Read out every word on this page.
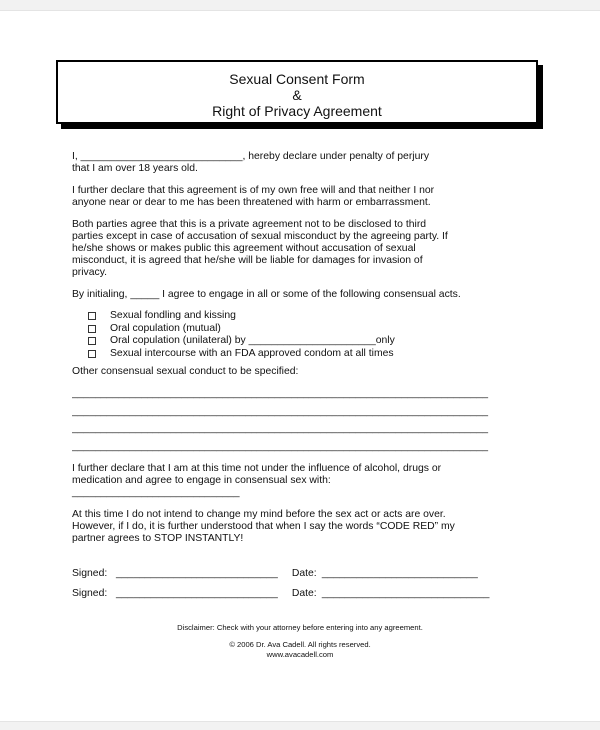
Sexual Consent Form
&
Right of Privacy Agreement
I, ____________________________, hereby declare under penalty of perjury
that I am over 18 years old.
I further declare that this agreement is of my own free will and that neither I nor
anyone near or dear to me has been threatened with harm or embarrassment.
Both parties agree that this is a private agreement not to be disclosed to third
parties except in case of accusation of sexual misconduct by the agreeing party. If
he/she shows or makes public this agreement without accusation of sexual
misconduct, it is agreed that he/she will be liable for damages for invasion of
privacy.
By initialing, _____ I agree to engage in all or some of the following consensual acts.
Sexual fondling and kissing
Oral copulation (mutual)
Oral copulation (unilateral) by ______________________only
Sexual intercourse with an FDA approved condom at all times
Other consensual sexual conduct to be specified:
________________________________________________________________________
________________________________________________________________________
________________________________________________________________________
________________________________________________________________________
I further declare that I am at this time not under the influence of alcohol, drugs or
medication and agree to engage in consensual sex with:
_____________________________
At this time I do not intend to change my mind before the sex act or acts are over.
However, if I do, it is further understood that when I say the words “CODE RED” my
partner agrees to STOP INSTANTLY!
Signed: ____________________________ Date: ___________________________
Signed: ____________________________ Date: _____________________________
Disclaimer: Check with your attorney before entering into any agreement.
© 2006 Dr. Ava Cadell. All rights reserved.
www.avacadell.com
